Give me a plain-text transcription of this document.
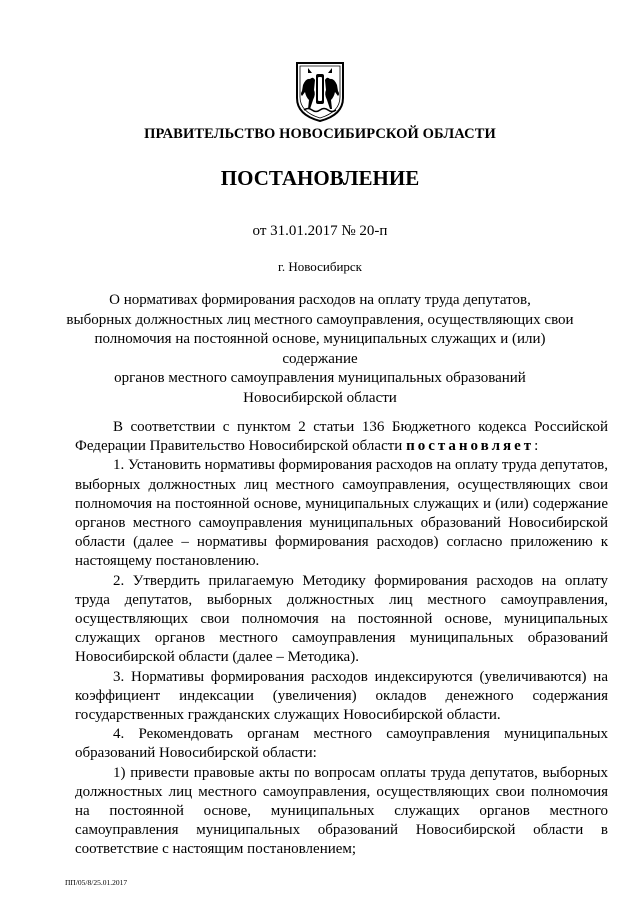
ПРАВИТЕЛЬСТВО НОВОСИБИРСКОЙ ОБЛАСТИ
ПОСТАНОВЛЕНИЕ
от 31.01.2017 № 20-п
г. Новосибирск
О нормативах формирования расходов на оплату труда депутатов,
выборных должностных лиц местного самоуправления, осуществляющих свои
полномочия на постоянной основе, муниципальных служащих и (или) содержание
органов местного самоуправления муниципальных образований
Новосибирской области

В соответствии с пунктом 2 статьи 136 Бюджетного кодекса Российской Федерации Правительство Новосибирской области постановляет:

1. Установить нормативы формирования расходов на оплату труда депутатов, выборных должностных лиц местного самоуправления, осуществляющих свои полномочия на постоянной основе, муниципальных служащих и (или) содержание органов местного самоуправления муниципальных образований Новосибирской области (далее – нормативы формирования расходов) согласно приложению к настоящему постановлению.

2. Утвердить прилагаемую Методику формирования расходов на оплату труда депутатов, выборных должностных лиц местного самоуправления, осуществляющих свои полномочия на постоянной основе, муниципальных служащих органов местного самоуправления муниципальных образований Новосибирской области (далее – Методика).

3. Нормативы формирования расходов индексируются (увеличиваются) на коэффициент индексации (увеличения) окладов денежного содержания государственных гражданских служащих Новосибирской области.

4. Рекомендовать органам местного самоуправления муниципальных образований Новосибирской области:

1) привести правовые акты по вопросам оплаты труда депутатов, выборных должностных лиц местного самоуправления, осуществляющих свои полномочия на постоянной основе, муниципальных служащих органов местного самоуправления муниципальных образований Новосибирской области в соответствие с настоящим постановлением;

ПП/05/8/25.01.2017
